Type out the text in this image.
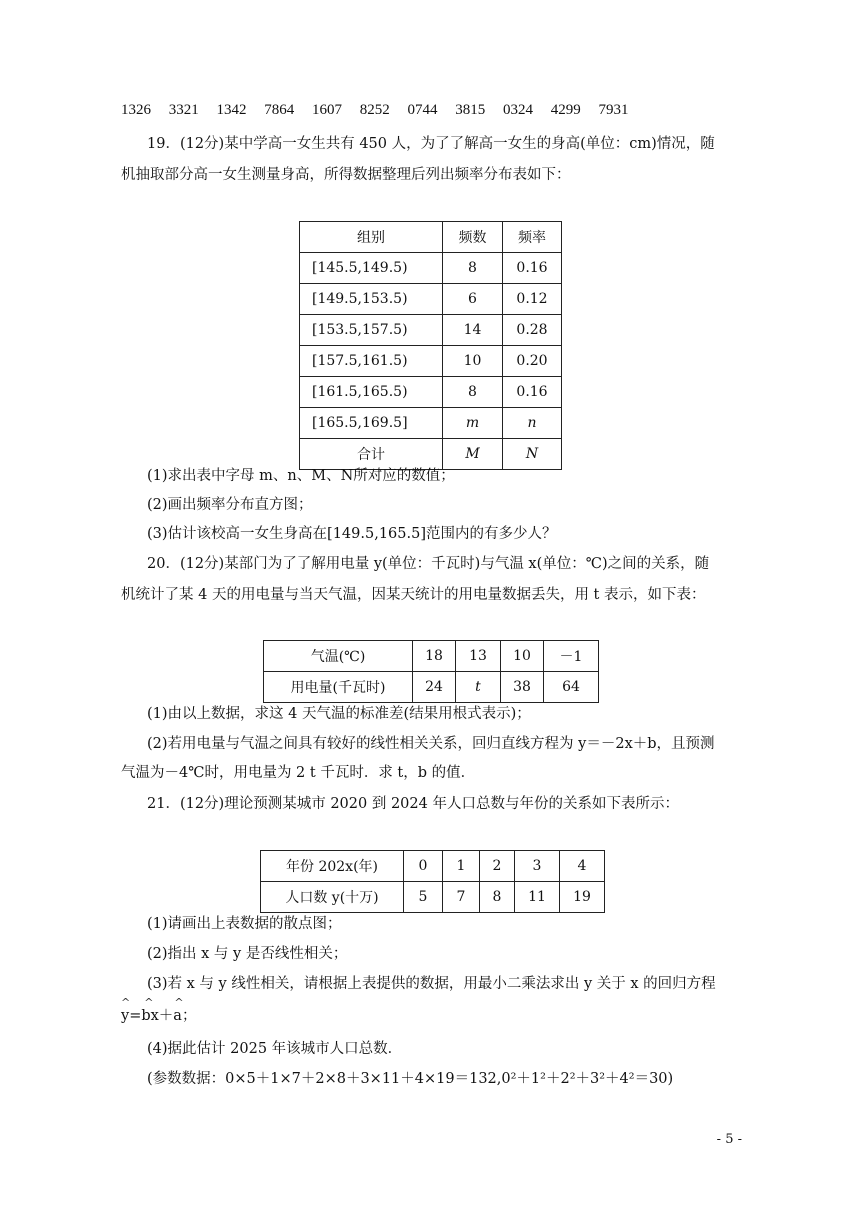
1326 3321 1342 7864 1607 8252 0744 3815 0324 4299 7931
19．(12分)某中学高一女生共有 450 人，为了了解高一女生的身高(单位：cm)情况，随
机抽取部分高一女生测量身高，所得数据整理后列出频率分布表如下：
组别	频数	频率
[145.5,149.5)	8	0.16
[149.5,153.5)	6	0.12
[153.5,157.5)	14	0.28
[157.5,161.5)	10	0.20
[161.5,165.5)	8	0.16
[165.5,169.5]	m	n
合计	M	N
(1)求出表中字母 m、n、M、N所对应的数值；
(2)画出频率分布直方图；
(3)估计该校高一女生身高在[149.5,165.5]范围内的有多少人？
20．(12分)某部门为了了解用电量 y(单位：千瓦时)与气温 x(单位：℃)之间的关系，随
机统计了某 4 天的用电量与当天气温，因某天统计的用电量数据丢失，用 t 表示，如下表：
气温(℃)	18	13	10	－1
用电量(千瓦时)	24	t	38	64
(1)由以上数据，求这 4 天气温的标准差(结果用根式表示)；
(2)若用电量与气温之间具有较好的线性相关关系，回归直线方程为 y＝－2x＋b，且预测
气温为－4℃时，用电量为 2 t 千瓦时．求 t，b 的值．
21．(12分)理论预测某城市 2020 到 2024 年人口总数与年份的关系如下表所示：
年份 202x(年)	0	1	2	3	4
人口数 y(十万)	5	7	8	11	19
(1)请画出上表数据的散点图；
(2)指出 x 与 y 是否线性相关；
(3)若 x 与 y 线性相关，请根据上表提供的数据，用最小二乘法求出 y 关于 x 的回归方程
^    ^      ^
y=bx＋a；
(4)据此估计 2025 年该城市人口总数．
(参数数据：0×5＋1×7＋2×8＋3×11＋4×19＝132,0²＋1²＋2²＋3²＋4²＝30)
- 5 -
